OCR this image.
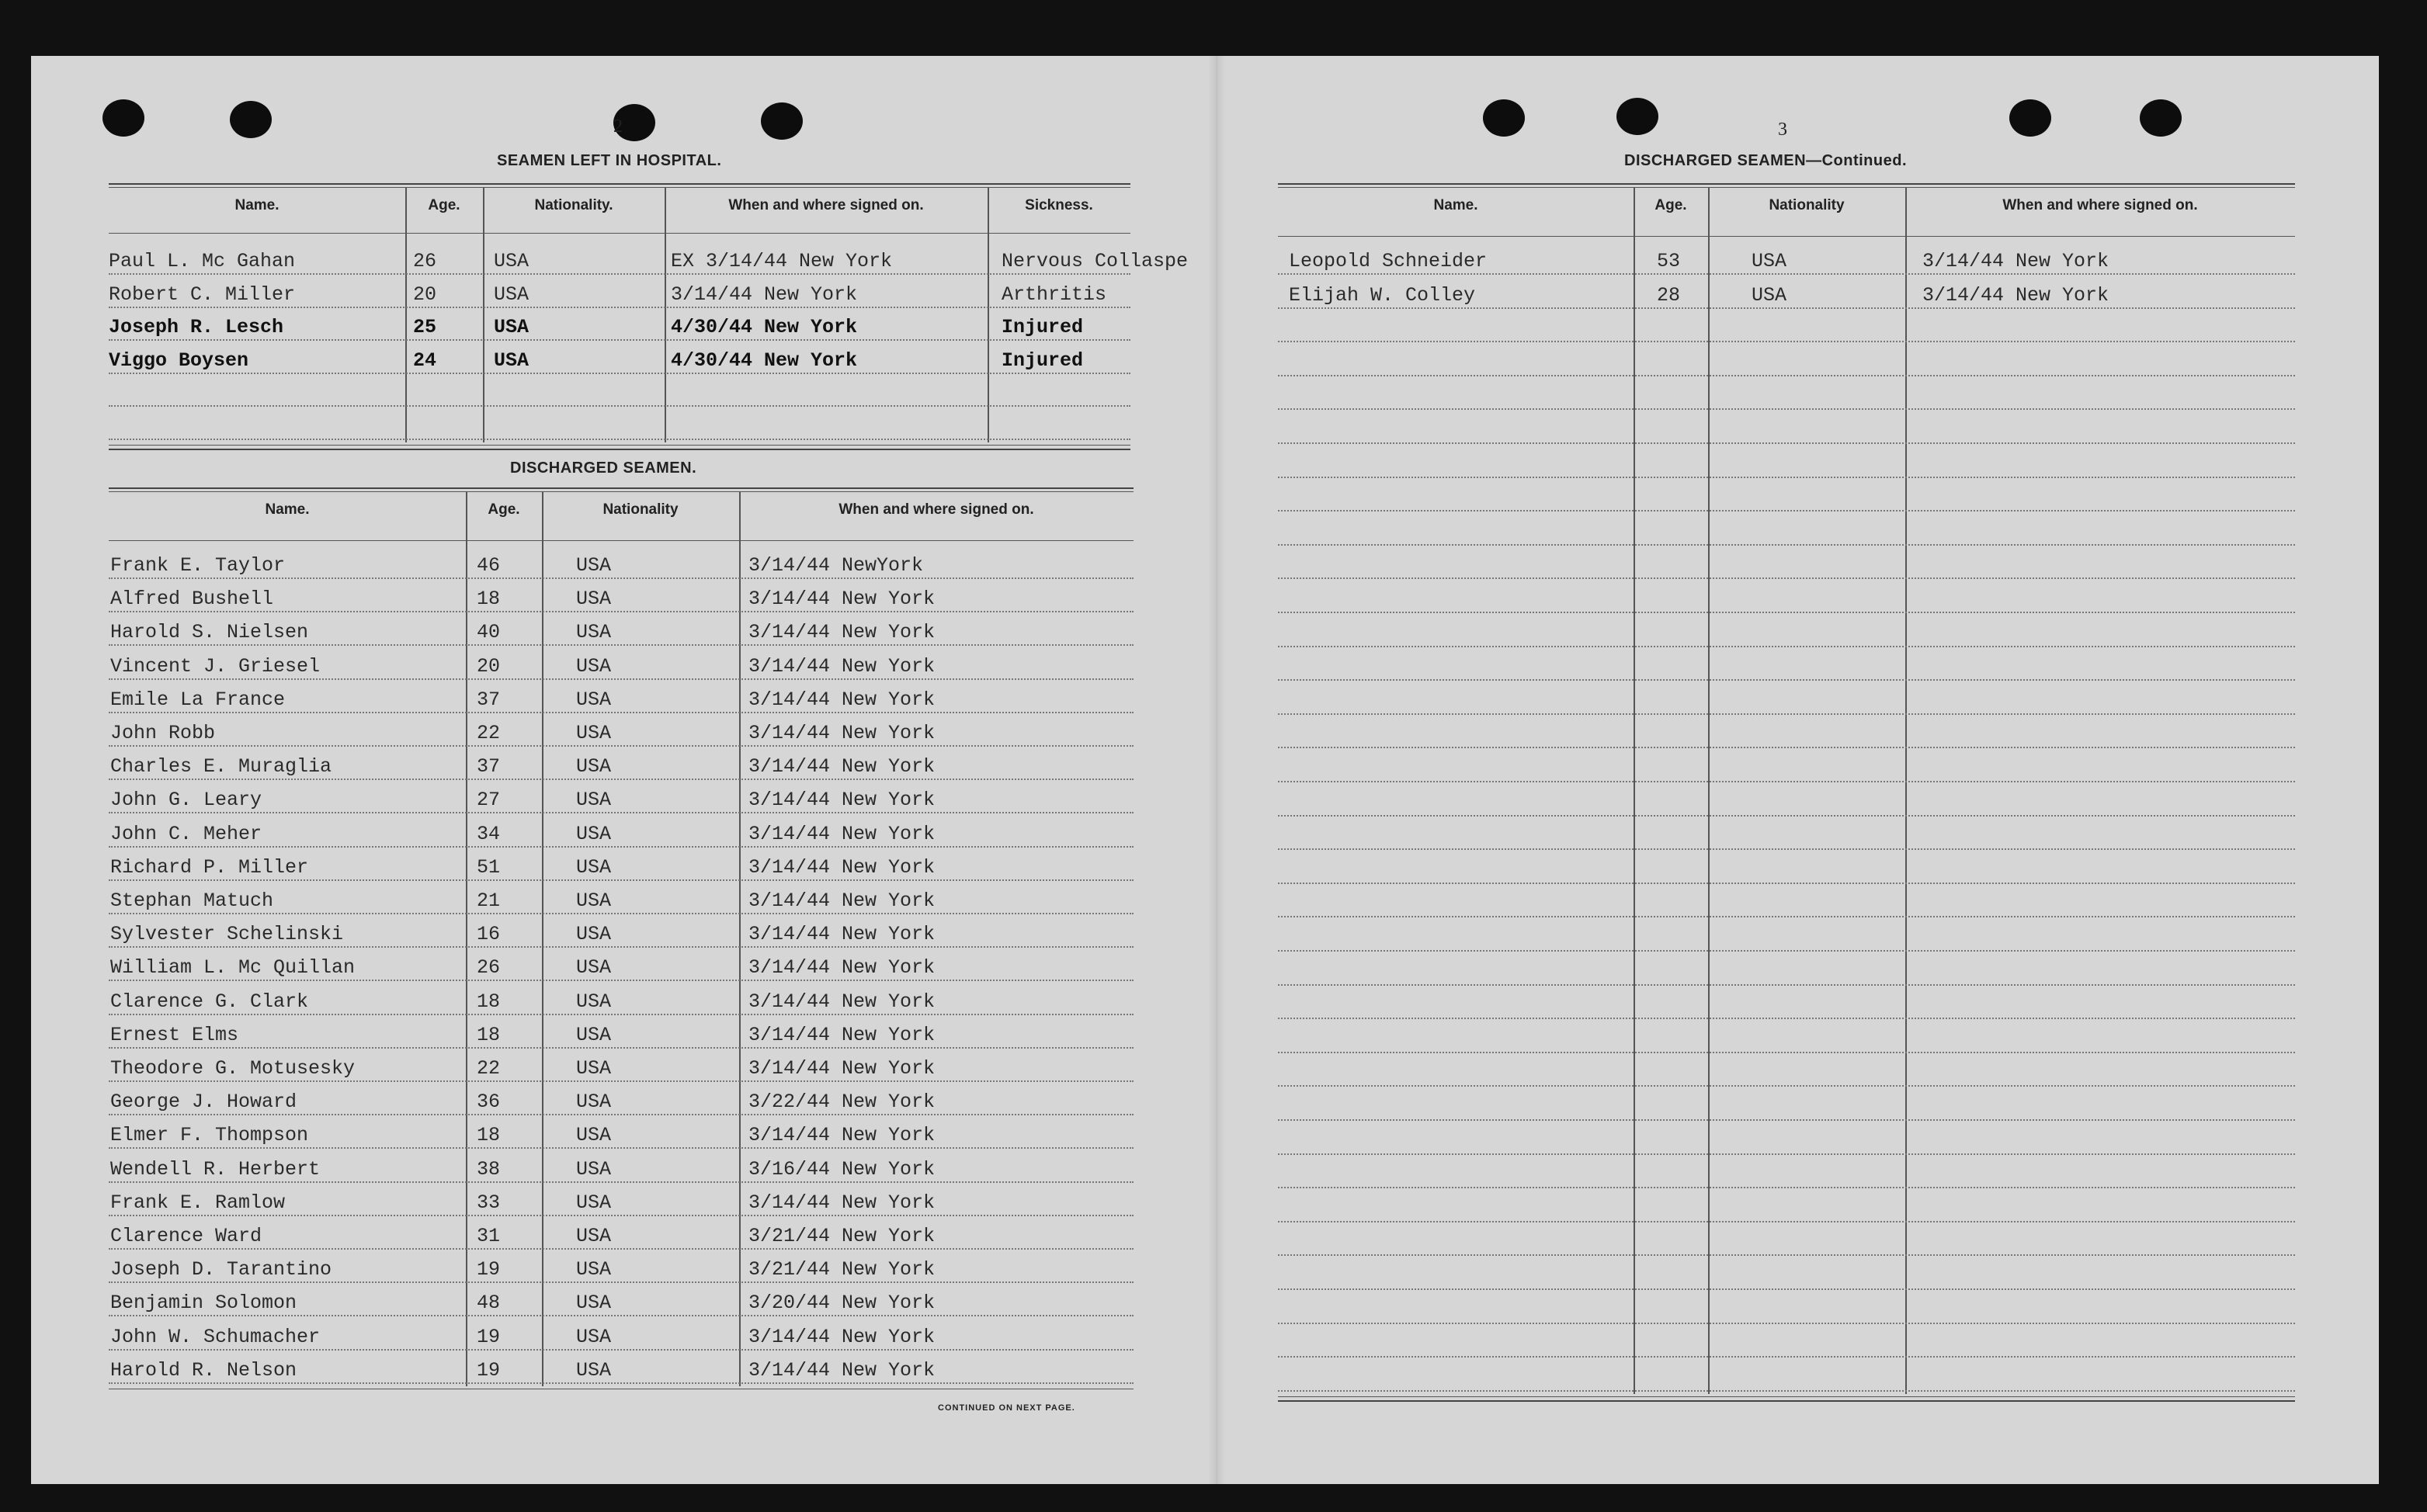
2
SEAMEN LEFT IN HOSPITAL.
Name.	Age.	Nationality.	When and where signed on.	Sickness.
Paul L. Mc Gahan	26	USA	EX 3/14/44 New York	Nervous Collaspe
Robert C. Miller	20	USA	3/14/44 New York	Arthritis
Joseph R. Lesch	25	USA	4/30/44 New York	Injured
Viggo Boysen	24	USA	4/30/44 New York	Injured
DISCHARGED SEAMEN.
Name.	Age.	Nationality	When and where signed on.
Frank E. Taylor	46	USA	3/14/44 NewYork
Alfred Bushell	18	USA	3/14/44 New York
Harold S. Nielsen	40	USA	3/14/44 New York
Vincent J. Griesel	20	USA	3/14/44 New York
Emile La France	37	USA	3/14/44 New York
John Robb	22	USA	3/14/44 New York
Charles E. Muraglia	37	USA	3/14/44 New York
John G. Leary	27	USA	3/14/44 New York
John C. Meher	34	USA	3/14/44 New York
Richard P. Miller	51	USA	3/14/44 New York
Stephan Matuch	21	USA	3/14/44 New York
Sylvester Schelinski	16	USA	3/14/44 New York
William L. Mc Quillan	26	USA	3/14/44 New York
Clarence G. Clark	18	USA	3/14/44 New York
Ernest Elms	18	USA	3/14/44 New York
Theodore G. Motusesky	22	USA	3/14/44 New York
George J. Howard	36	USA	3/22/44 New York
Elmer F. Thompson	18	USA	3/14/44 New York
Wendell R. Herbert	38	USA	3/16/44 New York
Frank E. Ramlow	33	USA	3/14/44 New York
Clarence Ward	31	USA	3/21/44 New York
Joseph D. Tarantino	19	USA	3/21/44 New York
Benjamin Solomon	48	USA	3/20/44 New York
John W. Schumacher	19	USA	3/14/44 New York
Harold R. Nelson	19	USA	3/14/44 New York
CONTINUED ON NEXT PAGE.
3
DISCHARGED SEAMEN—Continued.
Name.	Age.	Nationality	When and where signed on.
Leopold Schneider	53	USA	3/14/44 New York
Elijah W. Colley	28	USA	3/14/44 New York
